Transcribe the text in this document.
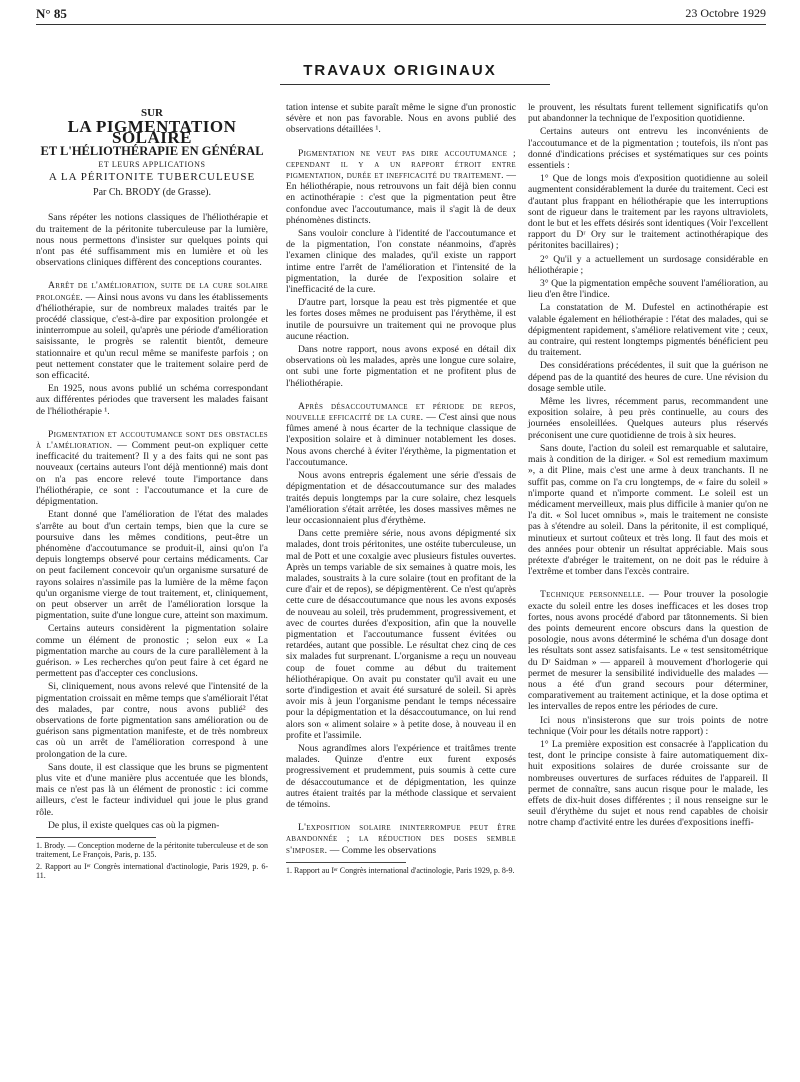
N° 85	23 Octobre 1929
TRAVAUX ORIGINAUX
SUR
LA PIGMENTATION SOLAIRE
ET L'HÉLIOTHÉRAPIE EN GÉNÉRAL
ET LEURS APPLICATIONS
A LA PÉRITONITE TUBERCULEUSE
Par Ch. BRODY (de Grasse).

Sans répéter les notions classiques de l'héliothérapie et du traitement de la péritonite tuberculeuse par la lumière, nous nous permettons d'insister sur quelques points qui n'ont pas été suffisamment mis en lumière et où les observations cliniques diffèrent des conceptions courantes.

Arrêt de l'amélioration, suite de la cure solaire prolongée. — Ainsi nous avons vu dans les établissements d'héliothérapie, sur de nombreux malades traités par le procédé classique, c'est-à-dire par exposition prolongée et ininterrompue au soleil, qu'après une période d'amélioration saisissante, le progrès se ralentit bientôt, demeure stationnaire et qu'un recul même se manifeste parfois ; on peut nettement constater que le traitement solaire perd de son efficacité.

En 1925, nous avons publié un schéma correspondant aux différentes périodes que traversent les malades faisant de l'héliothérapie ¹.

Pigmentation et accoutumance sont des obstacles à l'amélioration. — Comment peut-on expliquer cette inefficacité du traitement? Il y a des faits qui ne sont pas nouveaux (certains auteurs l'ont déjà mentionné) mais dont on n'a pas encore relevé toute l'importance dans l'héliothérapie, ce sont : l'accoutumance et la cure de dépigmentation.

Etant donné que l'amélioration de l'état des malades s'arrête au bout d'un certain temps, bien que la cure se poursuive dans les mêmes conditions, peut-être un phénomène d'accoutumance se produit-il, ainsi qu'on l'a depuis longtemps observé pour certains médicaments. Car on peut facilement concevoir qu'un organisme sursaturé de rayons solaires n'assimile pas la lumière de la même façon qu'un organisme vierge de tout traitement, et, cliniquement, on peut observer un arrêt de l'amélioration lorsque la pigmentation, suite d'une longue cure, atteint son maximum.

Certains auteurs considèrent la pigmentation solaire comme un élément de pronostic ; selon eux « La pigmentation marche au cours de la cure parallèlement à la guérison. » Les recherches qu'on peut faire à cet égard ne permettent pas d'accepter ces conclusions.

Si, cliniquement, nous avons relevé que l'intensité de la pigmentation croissait en même temps que s'améliorait l'état des malades, par contre, nous avons publié² des observations de forte pigmentation sans amélioration ou de guérison sans pigmentation manifeste, et de très nombreux cas où un arrêt de l'amélioration correspond à une prolongation de la cure.

Sans doute, il est classique que les bruns se pigmentent plus vite et d'une manière plus accentuée que les blonds, mais ce n'est pas là un élément de pronostic : ici comme ailleurs, c'est le facteur individuel qui joue le plus grand rôle.

De plus, il existe quelques cas où la pigmen-

1. Brody. — Conception moderne de la péritonite tuberculeuse et de son traitement, Le François, Paris, p. 135.

2. Rapport au Iᵉʳ Congrès international d'actinologie, Paris 1929, p. 6-11.

tation intense et subite paraît même le signe d'un pronostic sévère et non pas favorable. Nous en avons publié des observations détaillées ¹.

Pigmentation ne veut pas dire accoutumance ; cependant il y a un rapport étroit entre pigmentation, durée et inefficacité du traitement. — En héliothérapie, nous retrouvons un fait déjà bien connu en actinothérapie : c'est que la pigmentation peut être confondue avec l'accoutumance, mais il s'agit là de deux phénomènes distincts.

Sans vouloir conclure à l'identité de l'accoutumance et de la pigmentation, l'on constate néanmoins, d'après l'examen clinique des malades, qu'il existe un rapport intime entre l'arrêt de l'amélioration et l'intensité de la pigmentation, la durée de l'exposition solaire et l'inefficacité de la cure.

D'autre part, lorsque la peau est très pigmentée et que les fortes doses mêmes ne produisent pas l'érythème, il est inutile de poursuivre un traitement qui ne provoque plus aucune réaction.

Dans notre rapport, nous avons exposé en détail dix observations où les malades, après une longue cure solaire, ont subi une forte pigmentation et ne profitent plus de l'héliothérapie.

Après désaccoutumance et période de repos, nouvelle efficacité de la cure. — C'est ainsi que nous fûmes amené à nous écarter de la technique classique de l'exposition solaire et à diminuer notablement les doses. Nous avons cherché à éviter l'érythème, la pigmentation et l'accoutumance.

Nous avons entrepris également une série d'essais de dépigmentation et de désaccoutumance sur des malades traités depuis longtemps par la cure solaire, chez lesquels l'amélioration s'était arrêtée, les doses massives mêmes ne leur occasionnaient plus d'érythème.

Dans cette première série, nous avons dépigmenté six malades, dont trois péritonites, une ostéite tuberculeuse, un mal de Pott et une coxalgie avec plusieurs fistules ouvertes. Après un temps variable de six semaines à quatre mois, les malades, soustraits à la cure solaire (tout en profitant de la cure d'air et de repos), se dépigmentèrent. Ce n'est qu'après cette cure de désaccoutumance que nous les avons exposés de nouveau au soleil, très prudemment, progressivement, et avec de courtes durées d'exposition, afin que la nouvelle pigmentation et l'accoutumance fussent évitées ou retardées, autant que possible. Le résultat chez cinq de ces six malades fut surprenant. L'organisme a reçu un nouveau coup de fouet comme au début du traitement héliothérapique. On avait pu constater qu'il avait eu une sorte d'indigestion et avait été sursaturé de soleil. Si après avoir mis à jeun l'organisme pendant le temps nécessaire pour la dépigmentation et la désaccoutumance, on lui rend alors son « aliment solaire » à petite dose, à nouveau il en profite et l'assimile.

Nous agrandîmes alors l'expérience et traitâmes trente malades. Quinze d'entre eux furent exposés progressivement et prudemment, puis soumis à cette cure de désaccoutumance et de dépigmentation, les quinze autres étaient traités par la méthode classique et servaient de témoins.

L'exposition solaire ininterrompue peut être abandonnée ; la réduction des doses semble s'imposer. — Comme les observations

1. Rapport au Iᵉʳ Congrès international d'actinologie, Paris 1929, p. 8-9.

le prouvent, les résultats furent tellement significatifs qu'on put abandonner la technique de l'exposition quotidienne.

Certains auteurs ont entrevu les inconvénients de l'accoutumance et de la pigmentation ; toutefois, ils n'ont pas donné d'indications précises et systématiques sur ces points essentiels :

1° Que de longs mois d'exposition quotidienne au soleil augmentent considérablement la durée du traitement. Ceci est d'autant plus frappant en héliothérapie que les interruptions sont de rigueur dans le traitement par les rayons ultraviolets, dont le but et les effets désirés sont identiques (Voir l'excellent rapport du Dʳ Ory sur le traitement actinothérapique des péritonites bacillaires) ;

2° Qu'il y a actuellement un surdosage considérable en héliothérapie ;

3° Que la pigmentation empêche souvent l'amélioration, au lieu d'en être l'indice.

La constatation de M. Dufestel en actinothérapie est valable également en héliothérapie : l'état des malades, qui se dépigmentent rapidement, s'améliore relativement vite ; ceux, au contraire, qui restent longtemps pigmentés bénéficient peu du traitement.

Des considérations précédentes, il suit que la guérison ne dépend pas de la quantité des heures de cure. Une révision du dosage semble utile.

Même les livres, récemment parus, recommandent une exposition solaire, à peu près continuelle, au cours des journées ensoleillées. Quelques auteurs plus réservés préconisent une cure quotidienne de trois à six heures.

Sans doute, l'action du soleil est remarquable et salutaire, mais à condition de la diriger. « Sol est remedium maximum », a dit Pline, mais c'est une arme à deux tranchants. Il ne suffit pas, comme on l'a cru longtemps, de « faire du soleil » n'importe quand et n'importe comment. Le soleil est un médicament merveilleux, mais plus difficile à manier qu'on ne l'a dit. « Sol lucet omnibus », mais le traitement ne consiste pas à s'étendre au soleil. Dans la péritonite, il est compliqué, minutieux et surtout coûteux et très long. Il faut des mois et des années pour obtenir un résultat appréciable. Mais sous prétexte d'abréger le traitement, on ne doit pas le réduire à l'extrême et tomber dans l'excès contraire.

Technique personnelle. — Pour trouver la posologie exacte du soleil entre les doses inefficaces et les doses trop fortes, nous avons procédé d'abord par tâtonnements. Si bien des points demeurent encore obscurs dans la question de posologie, nous avons déterminé le schéma d'un dosage dont les résultats sont assez satisfaisants. Le « test sensitométrique du Dʳ Saidman » — appareil à mouvement d'horlogerie qui permet de mesurer la sensibilité individuelle des malades — nous a été d'un grand secours pour déterminer, comparativement au traitement actinique, et la dose optima et les intervalles de repos entre les périodes de cure.

Ici nous n'insisterons que sur trois points de notre technique (Voir pour les détails notre rapport) :

1° La première exposition est consacrée à l'application du test, dont le principe consiste à faire automatiquement dix-huit expositions solaires de durée croissante sur de nombreuses ouvertures de surfaces réduites de l'appareil. Il permet de connaître, sans aucun risque pour le malade, les effets de dix-huit doses différentes ; il nous renseigne sur le seuil d'érythème du sujet et nous rend capables de choisir notre champ d'activité entre les durées d'expositions ineffi-
